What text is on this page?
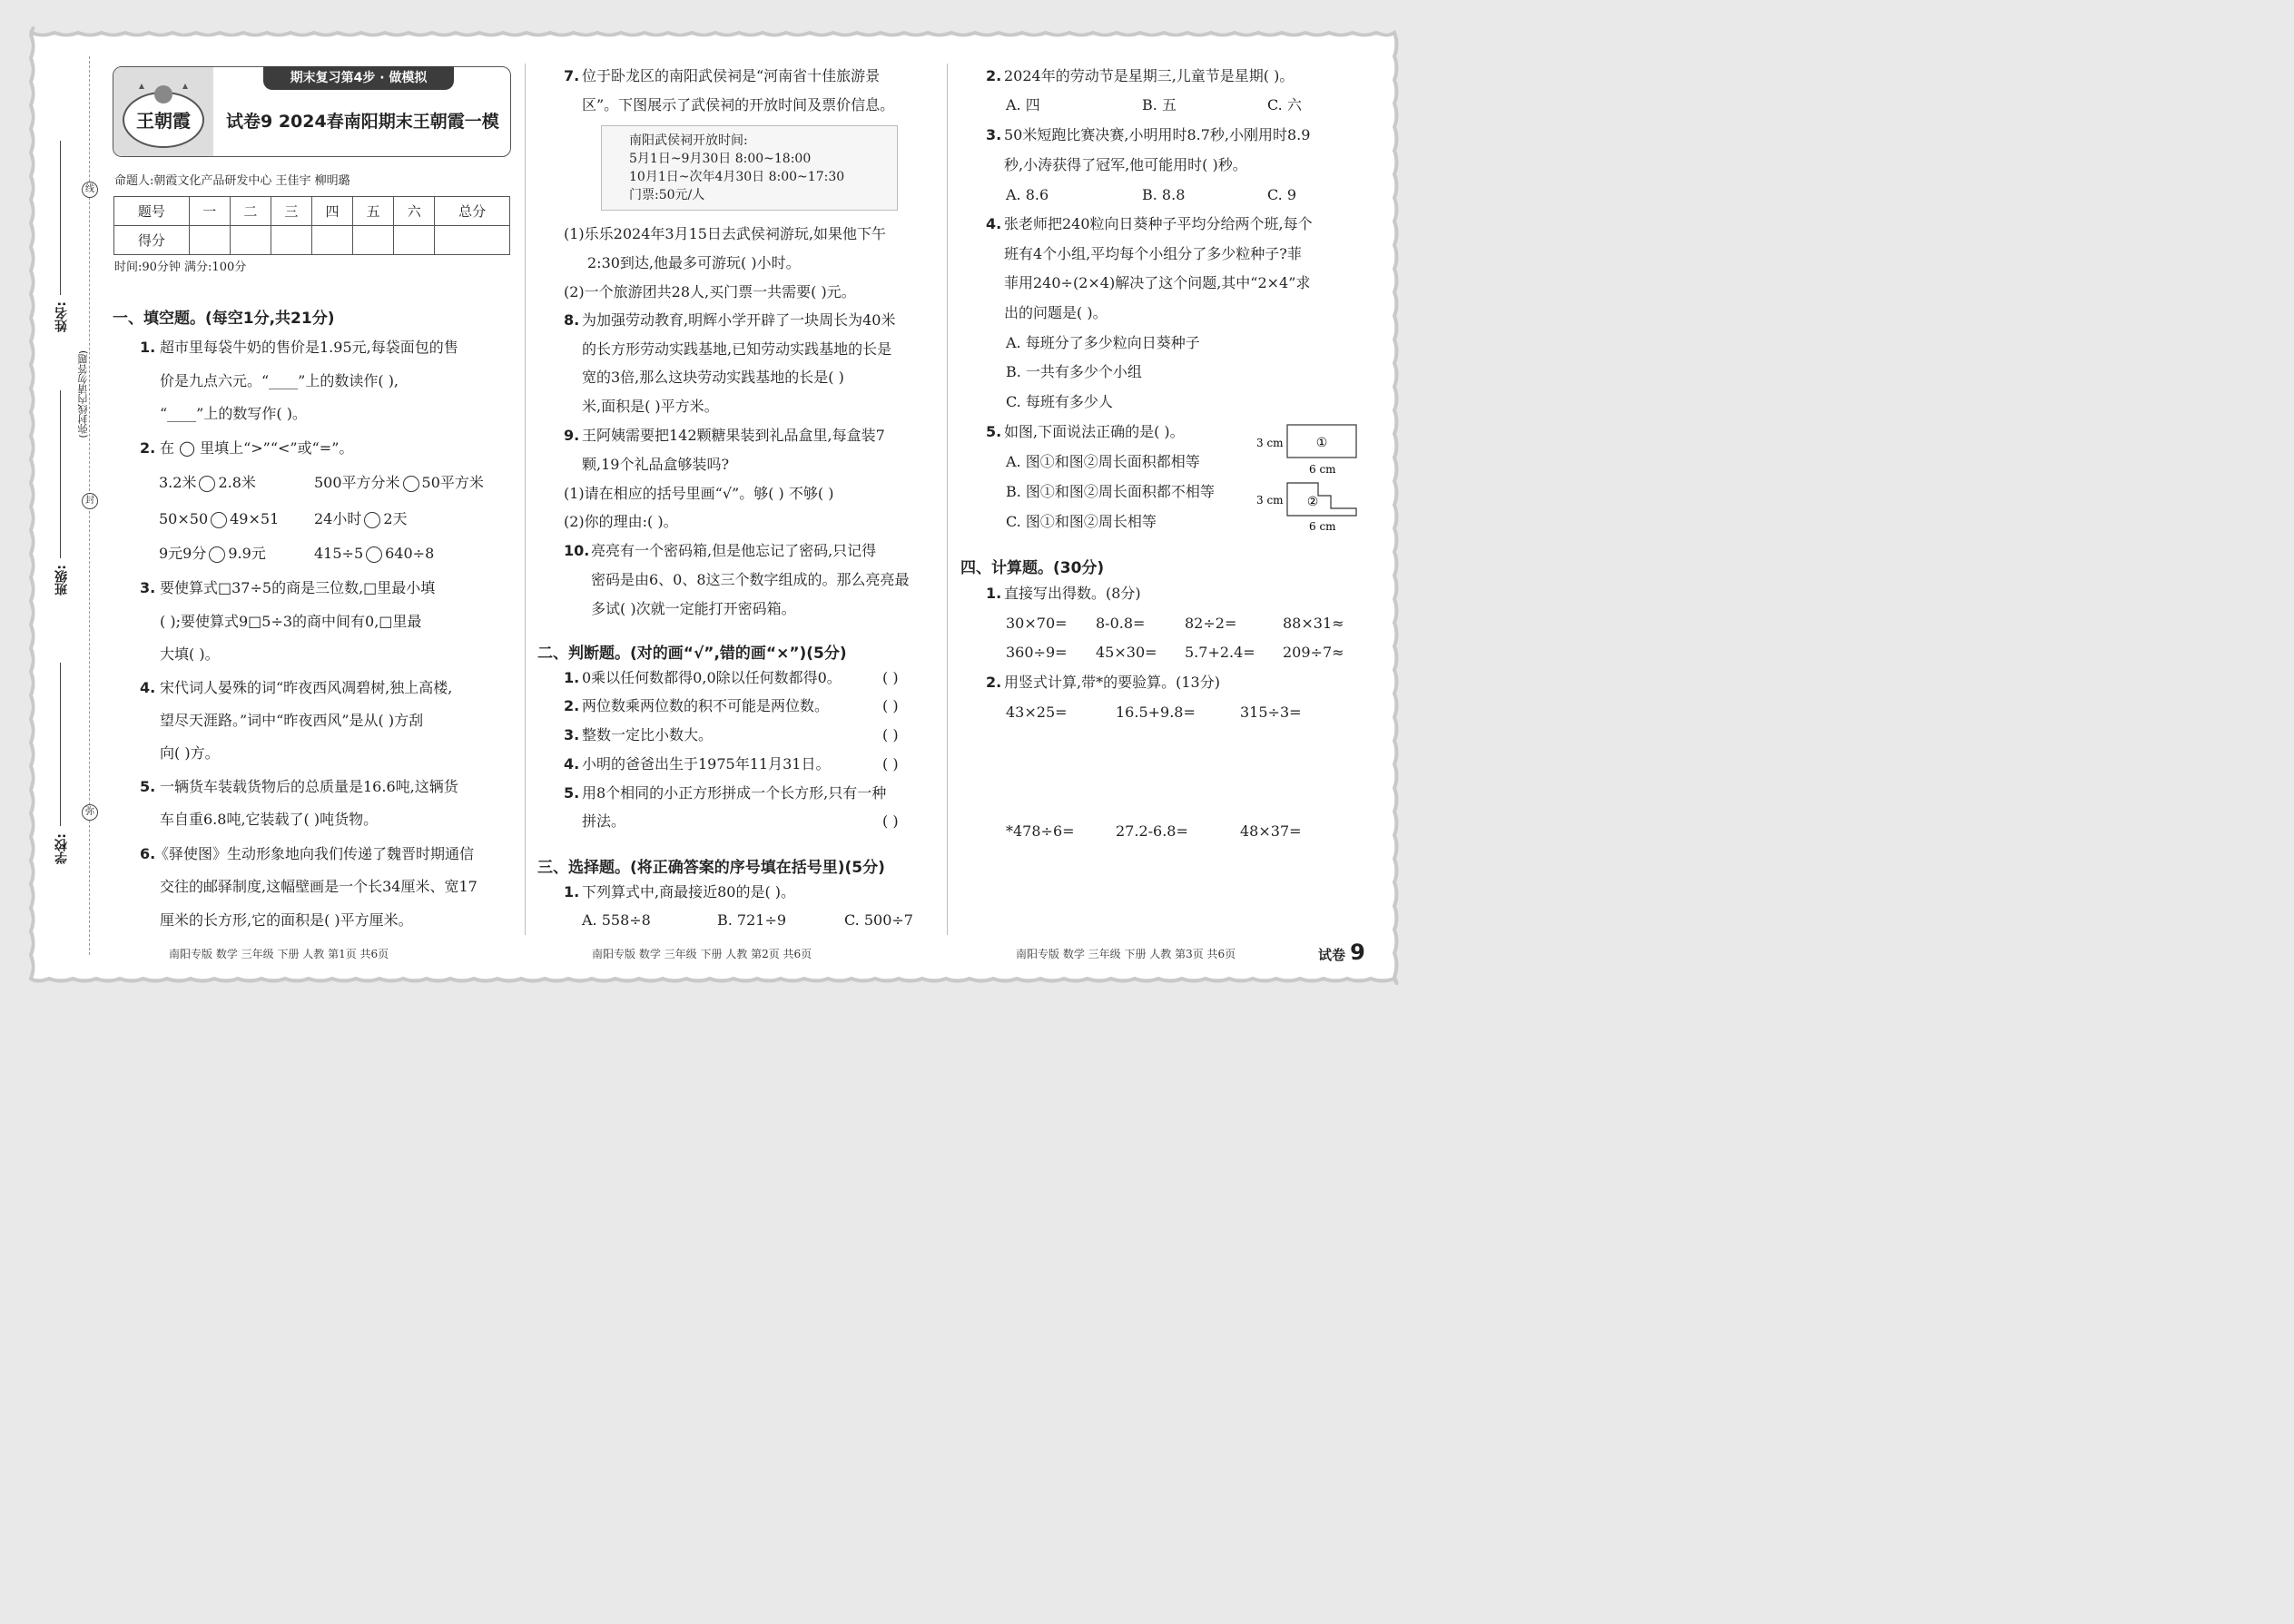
姓名:
班级:
学校:
(弥封线内请勿答题)
线
封
弥
王朝霞
期末复习第4步 · 做模拟
试卷9 2024春南阳期末王朝霞一模
命题人:朝霞文化产品研发中心 王佳宇 柳明璐
题号	一	二	三	四	五	六	总分
得分							
时间:90分钟 满分:100分
一、填空题。(每空1分,共21分)
1. 超市里每袋牛奶的售价是1.95元,每袋面包的售
价是九点六元。“____”上的数读作( ),
“____”上的数写作( )。
2. 在 ◯ 里填上“>”“<”或“=”。
3.2米 2.8米	500平方分米 50平方米
50×50 49×51 24小时 2天
9元9分 9.9元	415÷5 640÷8
3. 要使算式□37÷5的商是三位数,□里最小填
( );要使算式9□5÷3的商中间有0,□里最
大填( )。
4. 宋代词人晏殊的词“昨夜西风凋碧树,独上高楼,
望尽天涯路。”词中“昨夜西风”是从( )方刮
向( )方。
5. 一辆货车装载货物后的总质量是16.6吨,这辆货
车自重6.8吨,它装载了( )吨货物。
6.
《驿使图》生动形象地向我们传递了魏晋时期通信
交往的邮驿制度,这幅壁画是一个长34厘米、宽17
厘米的长方形,它的面积是( )平方厘米。
7. 位于卧龙区的南阳武侯祠是“河南省十佳旅游景
区”。下图展示了武侯祠的开放时间及票价信息。
南阳武侯祠开放时间:
5月1日~9月30日 8:00~18:00
10月1日~次年4月30日 8:00~17:30
门票:50元/人
(1)乐乐2024年3月15日去武侯祠游玩,如果他下午
2:30到达,他最多可游玩( )小时。
(2)一个旅游团共28人,买门票一共需要( )元。
8. 为加强劳动教育,明辉小学开辟了一块周长为40米
的长方形劳动实践基地,已知劳动实践基地的长是
宽的3倍,那么这块劳动实践基地的长是( )
米,面积是( )平方米。
9. 王阿姨需要把142颗糖果装到礼品盒里,每盒装7
颗,19个礼品盒够装吗?
(1)请在相应的括号里画“√”。够( ) 不够( )
(2)你的理由:( )。
10. 亮亮有一个密码箱,但是他忘记了密码,只记得
密码是由6、0、8这三个数字组成的。那么亮亮最
多试( )次就一定能打开密码箱。
二、判断题。(对的画“√”,错的画“×”)(5分)
1. 0乘以任何数都得0,0除以任何数都得0。	( )
2. 两位数乘两位数的积不可能是两位数。	( )
3. 整数一定比小数大。	( )
4. 小明的爸爸出生于1975年11月31日。	( )
5. 用8个相同的小正方形拼成一个长方形,只有一种
拼法。	( )
三、选择题。(将正确答案的序号填在括号里)(5分)
1. 下列算式中,商最接近80的是( )。
A. 558÷8	B. 721÷9	C. 500÷7
2. 2024年的劳动节是星期三,儿童节是星期( )。
A. 四	B. 五	C. 六
3. 50米短跑比赛决赛,小明用时8.7秒,小刚用时8.9
秒,小涛获得了冠军,他可能用时( )秒。
A. 8.6	B. 8.8	C. 9
4. 张老师把240粒向日葵种子平均分给两个班,每个
班有4个小组,平均每个小组分了多少粒种子?菲
菲用240÷(2×4)解决了这个问题,其中“2×4”求
出的问题是( )。
A. 每班分了多少粒向日葵种子
B. 一共有多少个小组
C. 每班有多少人
5. 如图,下面说法正确的是( )。
A. 图①和图②周长面积都相等
B. 图①和图②周长面积都不相等
C. 图①和图②周长相等
①
3 cm
6 cm
②
3 cm
6 cm
四、计算题。(30分)
1. 直接写出得数。(8分)
30×70= 8-0.8=	82÷2=	88×31≈
360÷9= 45×30= 5.7+2.4= 209÷7≈
2. 用竖式计算,带*的要验算。(13分)
43×25=	16.5+9.8=	315÷3=
*478÷6=	27.2-6.8=	48×37=
南阳专版 数学 三年级 下册 人教 第1页 共6页	南阳专版 数学 三年级 下册 人教 第2页 共6页	南阳专版 数学 三年级 下册 人教 第3页 共6页	试卷 9
